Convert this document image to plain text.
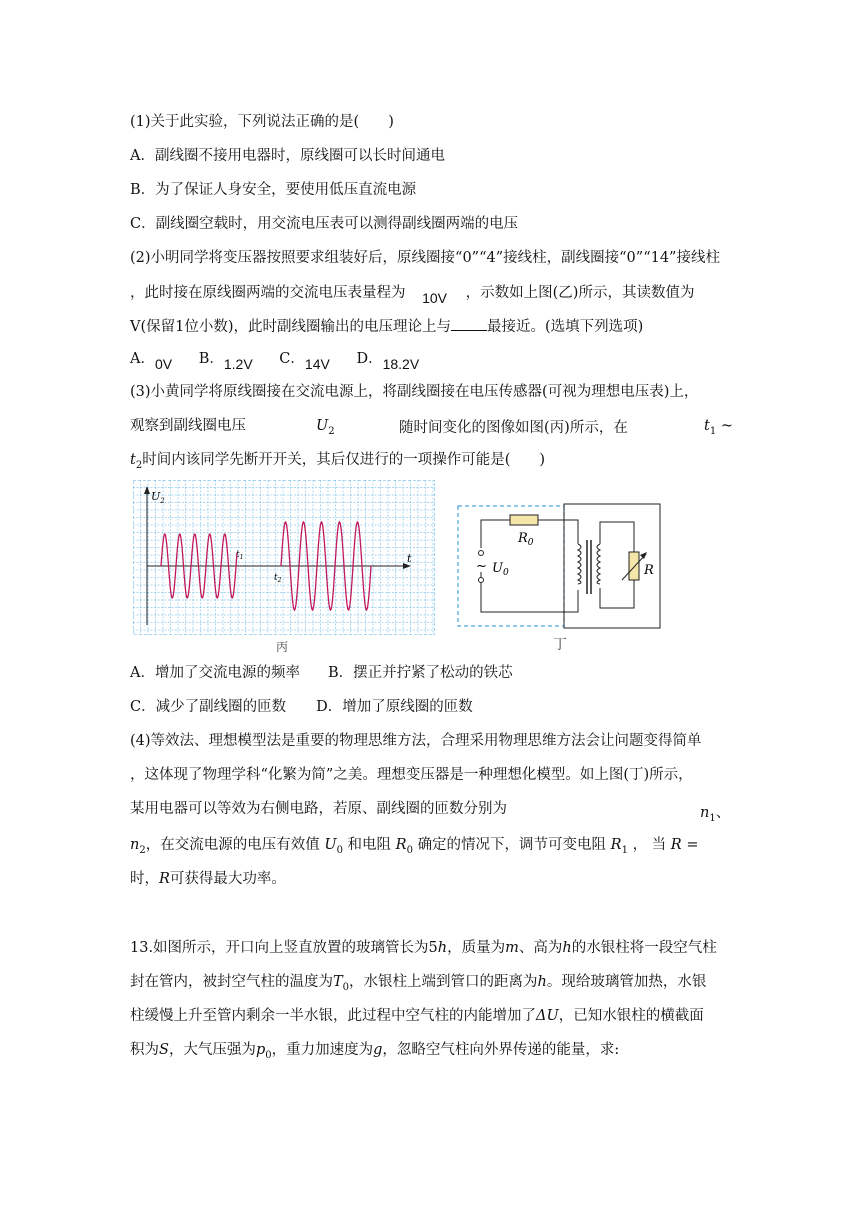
(1)关于此实验，下列说法正确的是(　　)
A．副线圈不接用电器时，原线圈可以长时间通电
B．为了保证人身安全，要使用低压直流电源
C．副线圈空载时，用交流电压表可以测得副线圈两端的电压
(2)小明同学将变压器按照要求组装好后，原线圈接“0”“4”接线柱，副线圈接“0”“14”接线柱
，此时接在原线圈两端的交流电压表量程为 10V ，示数如上图(乙)所示，其读数值为
V(保留1位小数)，此时副线圈输出的电压理论上与 最接近。(选填下列选项)
A．0V B．1.2V C．14V D．18.2V
(3)小黄同学将原线圈接在交流电源上，将副线圈接在电压传感器(可视为理想电压表)上，
观察到副线圈电压	$U_2$	随时间变化的图像如图(丙)所示，在	$t_1$ ~
$t_2$时间内该同学先断开开关，其后仅进行的一项操作可能是(　　)
$U_2$
t
$t_1$
$t_2$
丙
~ $U_0$
$R_0$
R
丁
A．增加了交流电源的频率 B．摆正并拧紧了松动的铁芯
C．减少了副线圈的匝数 D．增加了原线圈的匝数
(4)等效法、理想模型法是重要的物理思维方法，合理采用物理思维方法会让问题变得简单
，这体现了物理学科“化繁为简”之美。理想变压器是一种理想化模型。如上图(丁)所示，
某用电器可以等效为右侧电路，若原、副线圈的匝数分别为	$n_1$、
$n_2$，在交流电源的电压有效值 $U_0$ 和电阻 $R_0$ 确定的情况下，调节可变电阻 $R_1$ ， 当 R =
时，R可获得最大功率。
13.如图所示，开口向上竖直放置的玻璃管长为5h，质量为m、高为h的水银柱将一段空气柱
封在管内，被封空气柱的温度为$T_0$，水银柱上端到管口的距离为h。现给玻璃管加热，水银
柱缓慢上升至管内剩余一半水银，此过程中空气柱的内能增加了ΔU，已知水银柱的横截面
积为S，大气压强为$p_0$，重力加速度为g，忽略空气柱向外界传递的能量，求:
